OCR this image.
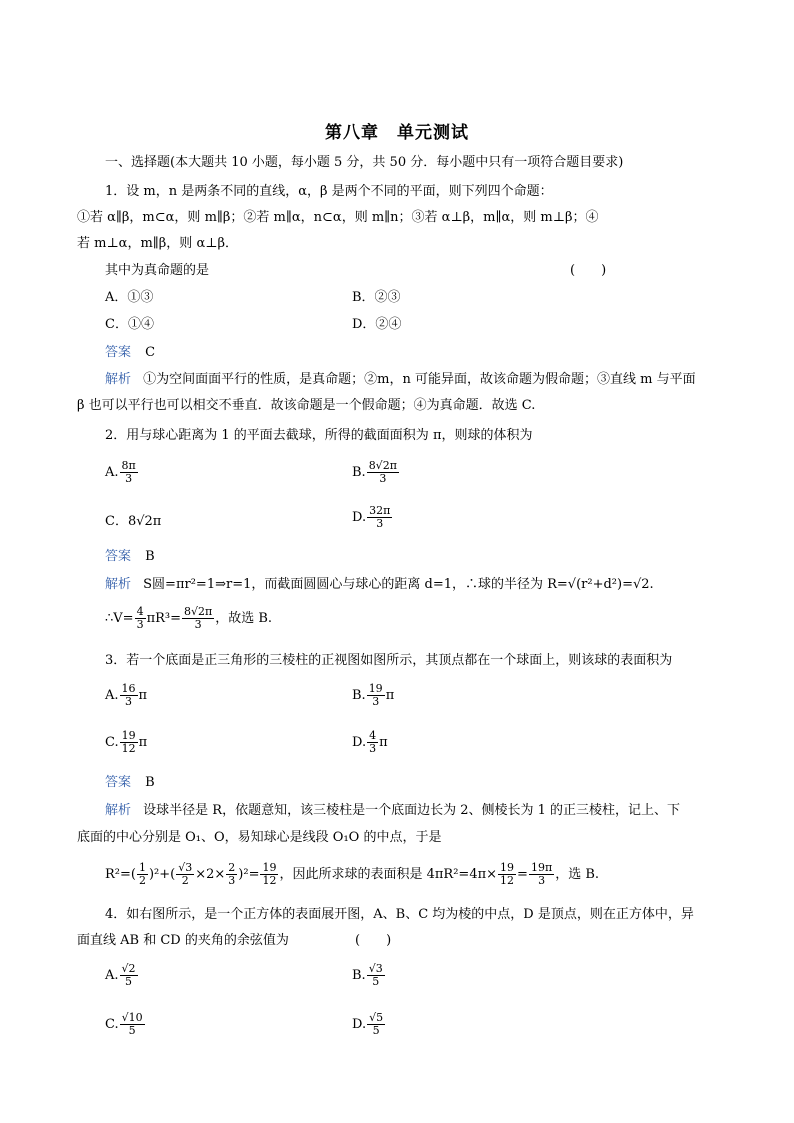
第八章　单元测试
一、选择题(本大题共 10 小题，每小题 5 分，共 50 分．每小题中只有一项符合题目要求)
1．设 m，n 是两条不同的直线，α，β 是两个不同的平面，则下列四个命题：
①若 α∥β，m⊂α，则 m∥β；②若 m∥α，n⊂α，则 m∥n；③若 α⊥β，m∥α，则 m⊥β；④
若 m⊥α，m∥β，则 α⊥β．
其中为真命题的是	(　　)
A．①③	B．②③
C．①④	D．②④
答案 C
解析 ①为空间面面平行的性质，是真命题；②m，n 可能异面，故该命题为假命题；③直线 m 与平面
β 也可以平行也可以相交不垂直．故该命题是一个假命题；④为真命题．故选 C.
2．用与球心距离为 1 的平面去截球，所得的截面面积为 π，则球的体积为
A. $\frac{8\pi}{3}$	B. $\frac{8√2\pi}{3}$
C．8√2π	D. $\frac{32\pi}{3}$
答案 B
解析 S圆=πr²=1⇒r=1，而截面圆圆心与球心的距离 d=1，∴球的半径为 R=√(r²+d²)=√2.
∴V= $\frac{4}{3} \pi R^3= \frac{8√2\pi}{3}$ ，故选 B.
3．若一个底面是正三角形的三棱柱的正视图如图所示，其顶点都在一个球面上，则该球的表面积为
A. $\frac{16}{3}$ π	B. $\frac{19}{3}$ π
C. $\frac{19}{12}$ π	D. $\frac{4}{3}$ π
答案 B
解析 设球半径是 R，依题意知，该三棱柱是一个底面边长为 2、侧棱长为 1 的正三棱柱，记上、下
底面的中心分别是 O₁、O，易知球心是线段 O₁O 的中点，于是
$R^2=( \frac{1}{2} )^2+( \frac{√3}{2} \times 2\times \frac{2}{3} )^2= \frac{19}{12}$ ，因此所求球的表面积是 $4\pi R^2=4\pi\times \frac{19}{12} = \frac{19\pi}{3}$ ，选 B.
4．如右图所示，是一个正方体的表面展开图，A、B、C 均为棱的中点，D 是顶点，则在正方体中，异
面直线 AB 和 CD 的夹角的余弦值为	(　　)
A. $\frac{√2}{5}$	B. $\frac{√3}{5}$
C. $\frac{√10}{5}$	D. $\frac{√5}{5}$
